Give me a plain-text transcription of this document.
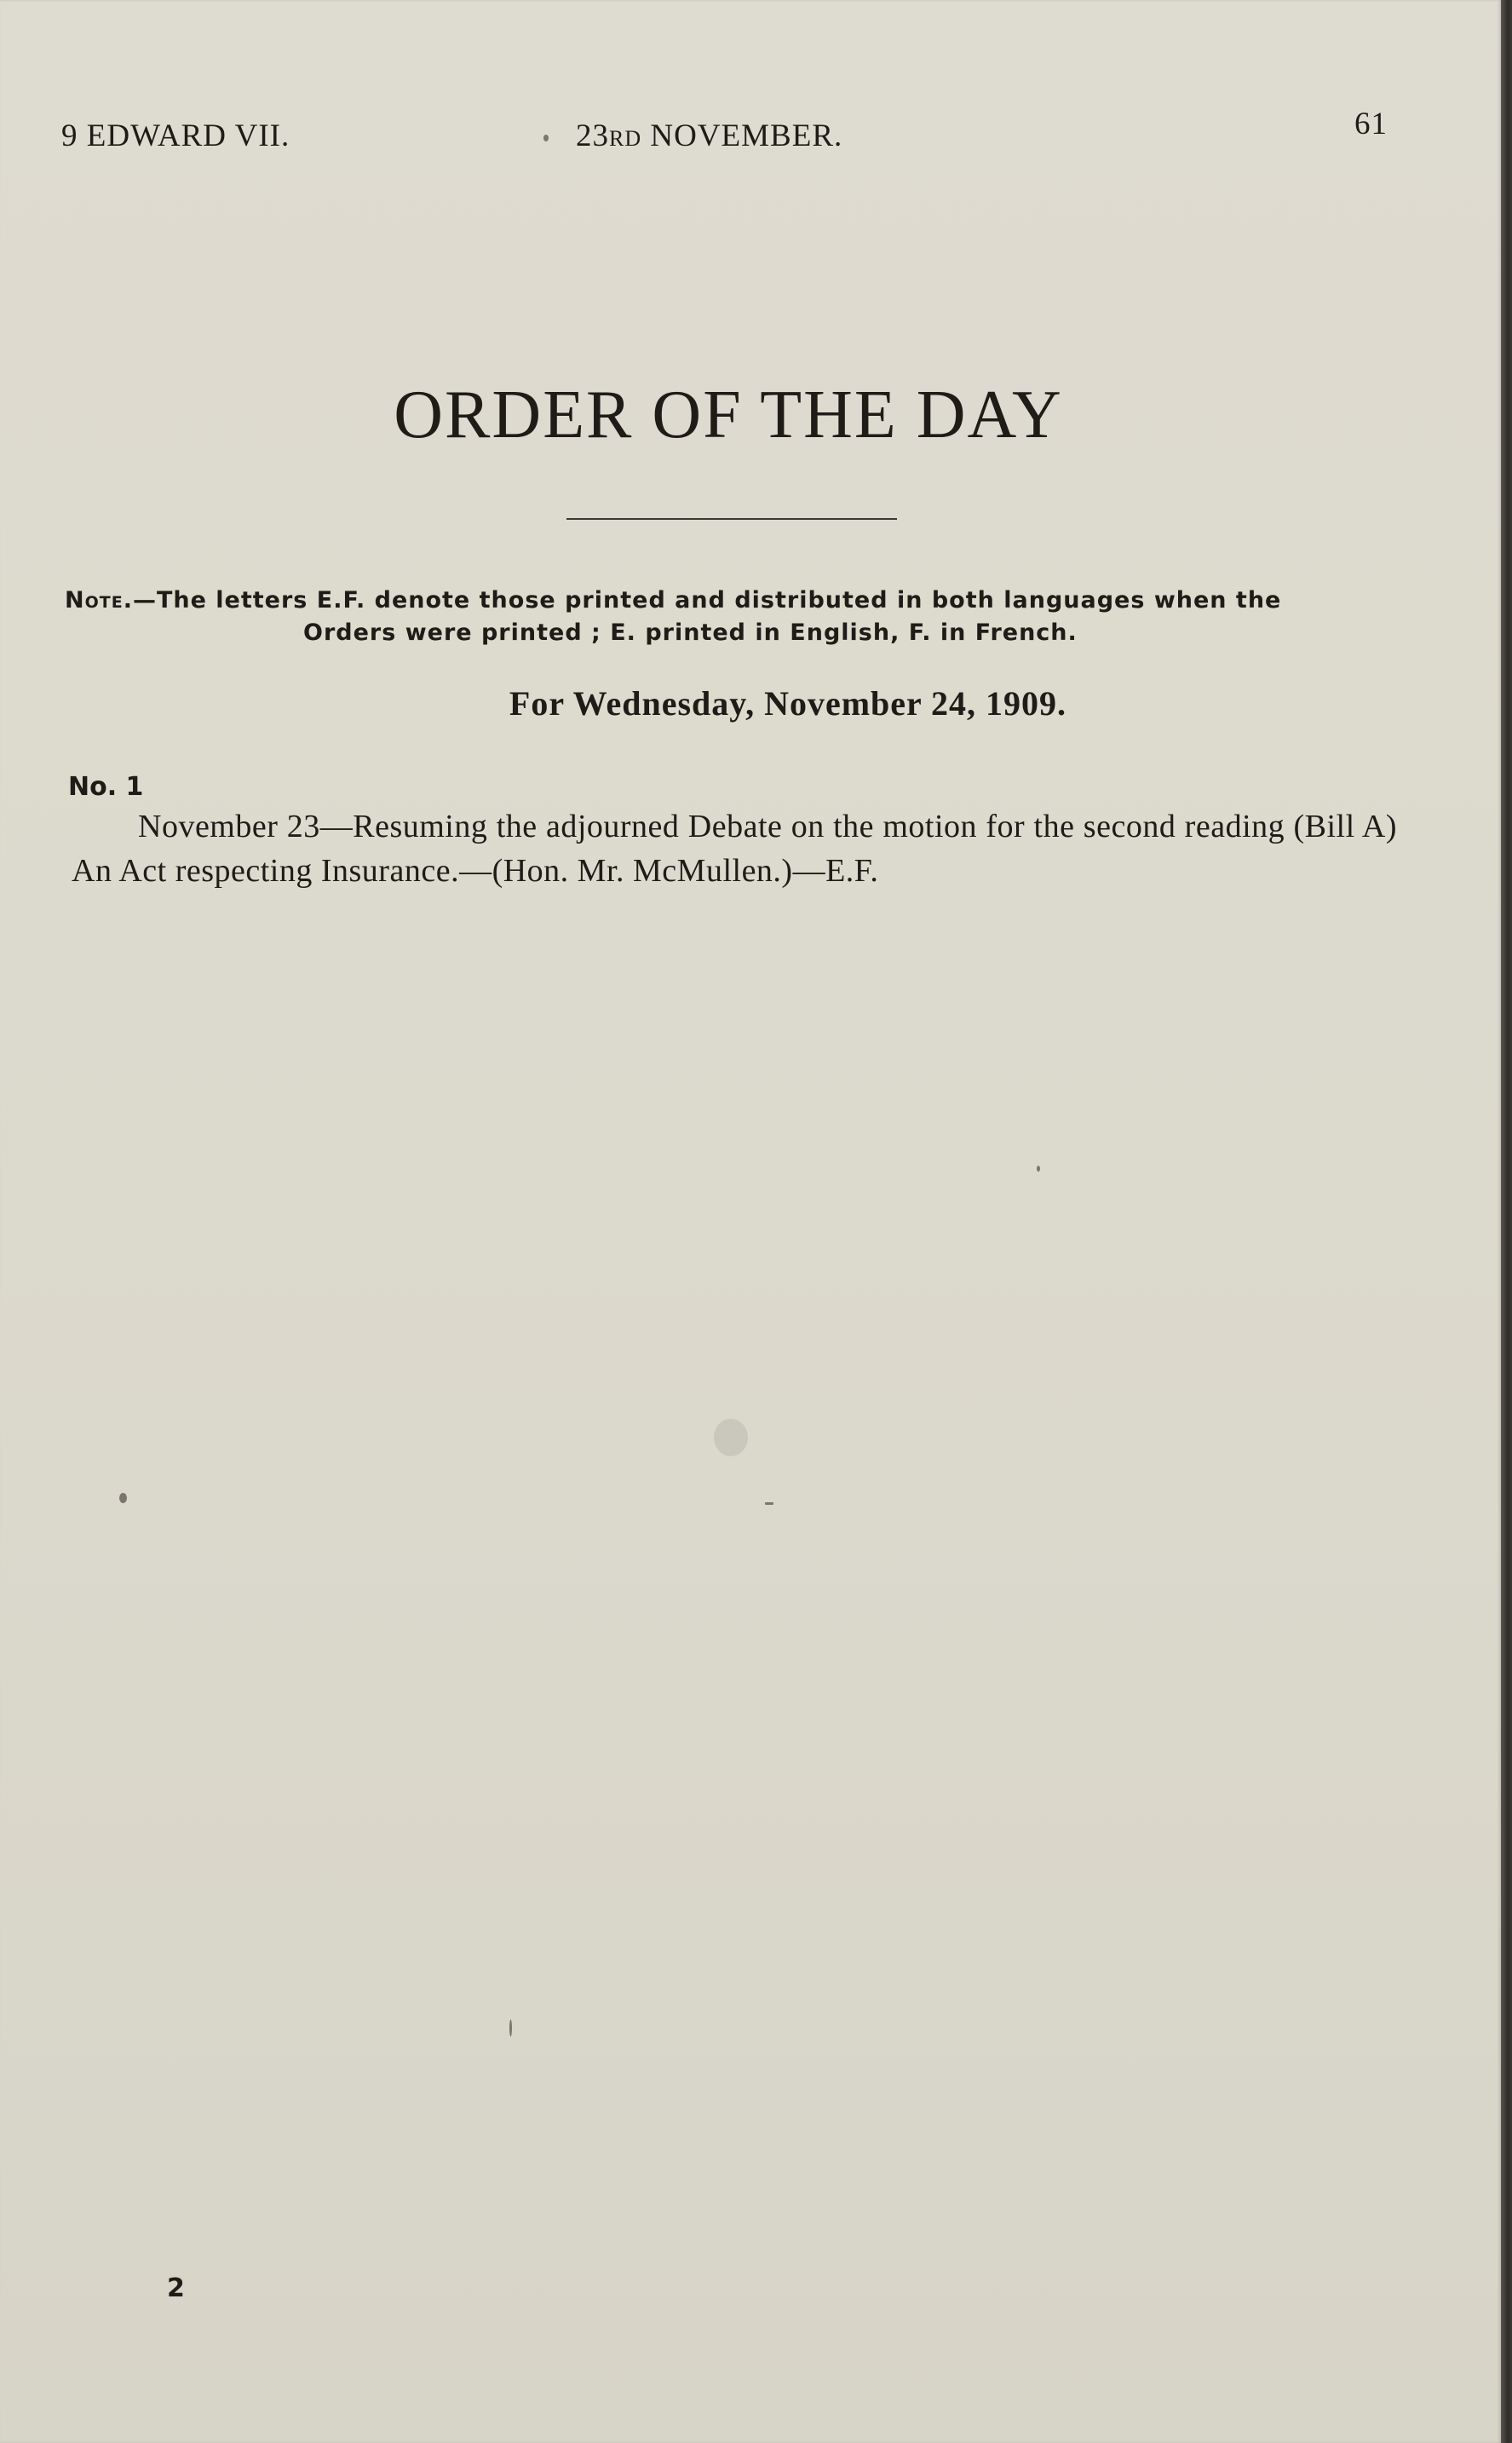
9 EDWARD VII.	23RD NOVEMBER.	61
ORDER OF THE DAY
Note.—The letters E.F. denote those printed and distributed in both languages when the
Orders were printed ; E. printed in English, F. in French.
For Wednesday, November 24, 1909.
No. 1
November 23—Resuming the adjourned Debate on the motion for the second reading (Bill A) An Act respecting Insurance.—(Hon. Mr. McMullen.)—E.F.
2
